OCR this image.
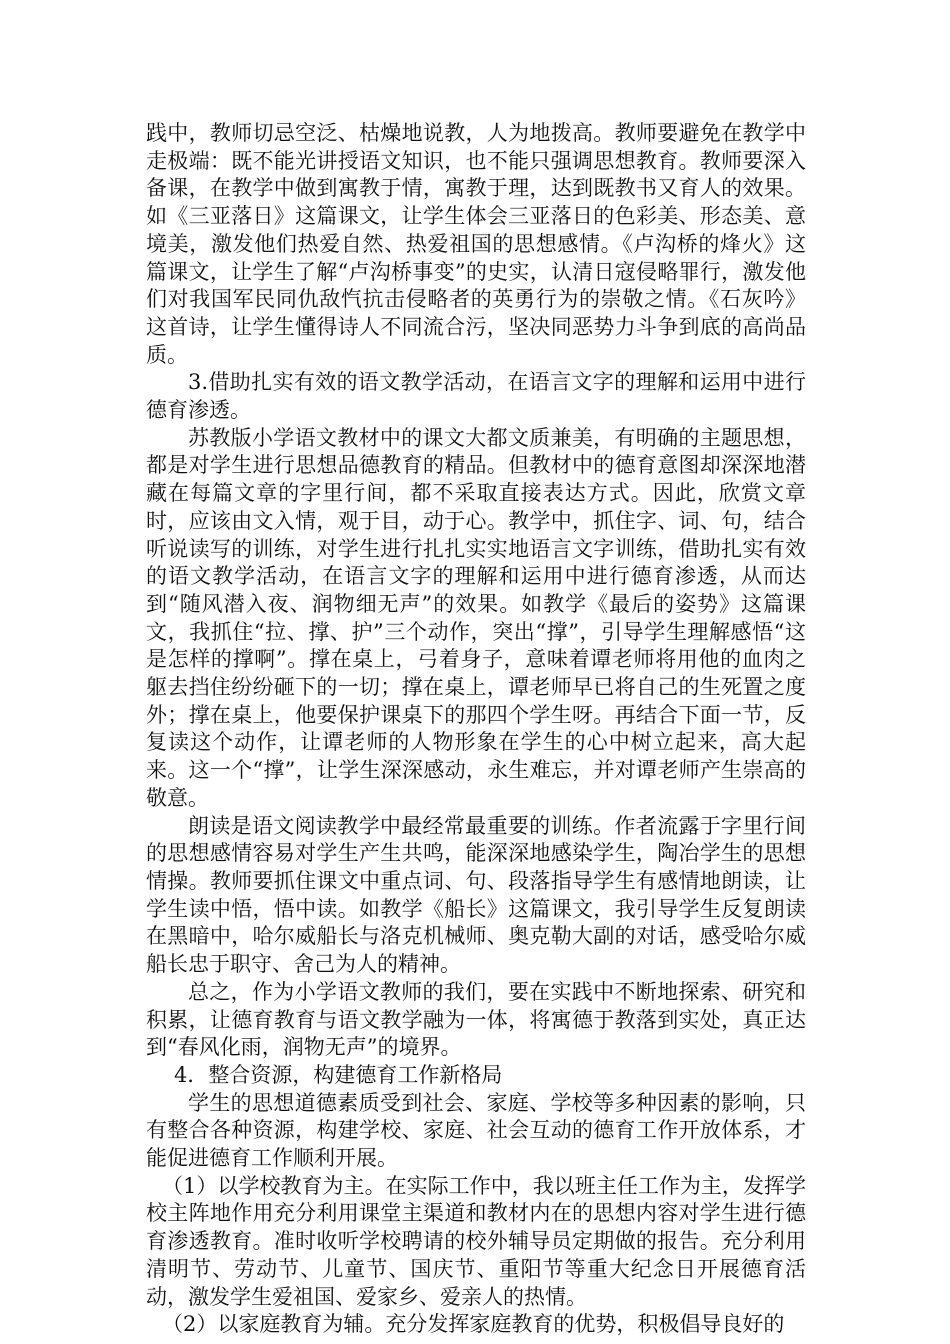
践中，教师切忌空泛、枯燥地说教，人为地拨高。教师要避免在教学中走极端：既不能光讲授语文知识，也不能只强调思想教育。教师要深入备课，在教学中做到寓教于情，寓教于理，达到既教书又育人的效果。如《三亚落日》这篇课文，让学生体会三亚落日的色彩美、形态美、意境美，激发他们热爱自然、热爱祖国的思想感情。《卢沟桥的烽火》这篇课文，让学生了解“卢沟桥事变”的史实，认清日寇侵略罪行，激发他们对我国军民同仇敌忾抗击侵略者的英勇行为的崇敬之情。《石灰吟》这首诗，让学生懂得诗人不同流合污，坚决同恶势力斗争到底的高尚品质。

3.借助扎实有效的语文教学活动，在语言文字的理解和运用中进行德育渗透。

苏教版小学语文教材中的课文大都文质兼美，有明确的主题思想，都是对学生进行思想品德教育的精品。但教材中的德育意图却深深地潜藏在每篇文章的字里行间，都不采取直接表达方式。因此，欣赏文章时，应该由文入情，观于目，动于心。教学中，抓住字、词、句，结合听说读写的训练，对学生进行扎扎实实地语言文字训练，借助扎实有效的语文教学活动，在语言文字的理解和运用中进行德育渗透，从而达到“随风潜入夜、润物细无声”的效果。如教学《最后的姿势》这篇课文，我抓住“拉、撑、护”三个动作，突出“撑”，引导学生理解感悟“这是怎样的撑啊”。撑在桌上，弓着身子，意味着谭老师将用他的血肉之躯去挡住纷纷砸下的一切；撑在桌上，谭老师早已将自己的生死置之度外；撑在桌上，他要保护课桌下的那四个学生呀。再结合下面一节，反复读这个动作，让谭老师的人物形象在学生的心中树立起来，高大起来。这一个“撑”，让学生深深感动，永生难忘，并对谭老师产生崇高的敬意。

朗读是语文阅读教学中最经常最重要的训练。作者流露于字里行间的思想感情容易对学生产生共鸣，能深深地感染学生，陶冶学生的思想情操。教师要抓住课文中重点词、句、段落指导学生有感情地朗读，让学生读中悟，悟中读。如教学《船长》这篇课文，我引导学生反复朗读在黑暗中，哈尔威船长与洛克机械师、奥克勒大副的对话，感受哈尔威船长忠于职守、舍己为人的精神。

总之，作为小学语文教师的我们，要在实践中不断地探索、研究和积累，让德育教育与语文教学融为一体，将寓德于教落到实处，真正达到“春风化雨，润物无声”的境界。

4．整合资源，构建德育工作新格局

学生的思想道德素质受到社会、家庭、学校等多种因素的影响，只有整合各种资源，构建学校、家庭、社会互动的德育工作开放体系，才能促进德育工作顺利开展。

（1）以学校教育为主。在实际工作中，我以班主任工作为主，发挥学校主阵地作用充分利用课堂主渠道和教材内在的思想内容对学生进行德育渗透教育。准时收听学校聘请的校外辅导员定期做的报告。充分利用清明节、劳动节、儿童节、国庆节、重阳节等重大纪念日开展德育活动，激发学生爱祖国、爱家乡、爱亲人的热情。

（2）以家庭教育为辅。充分发挥家庭教育的优势，积极倡导良好的
